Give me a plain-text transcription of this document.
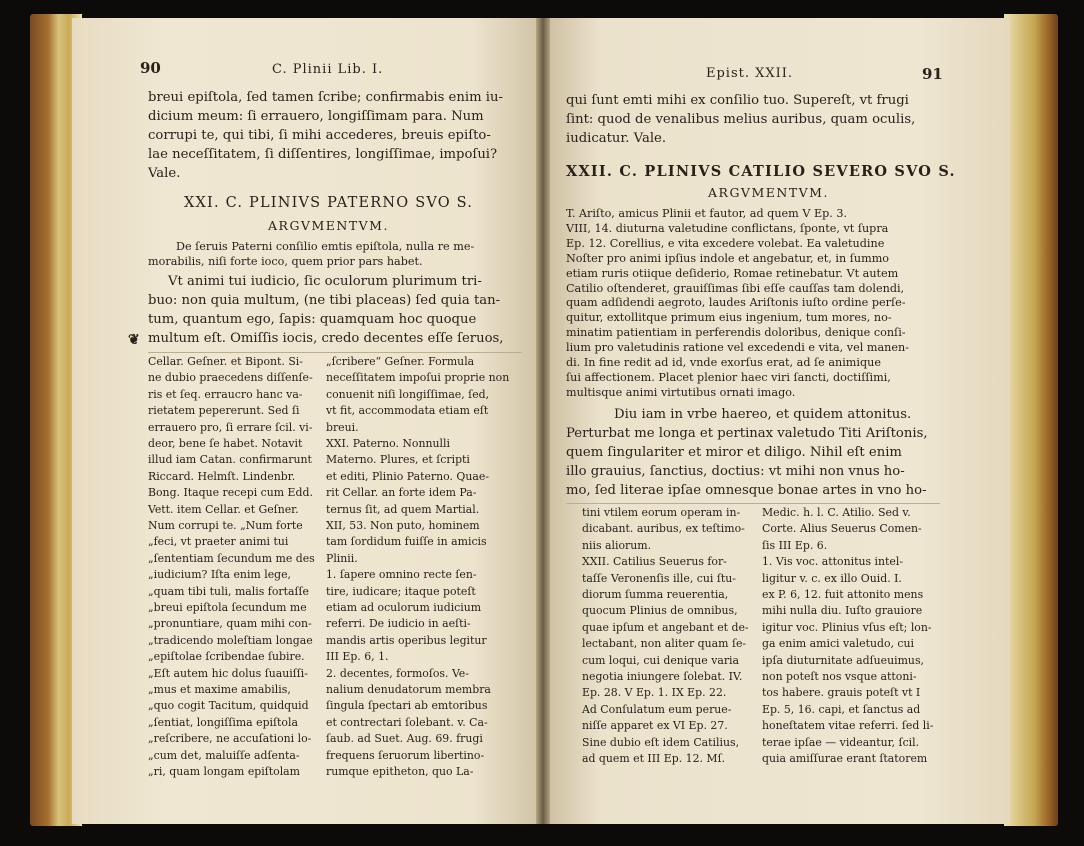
90	C. Plinii Lib. I.
breui epiſtola, ſed tamen ſcribe; confirmabis enim iu-
dicium meum: ſi errauero, longiſſimam para. Num
corrupi te, qui tibi, ſi mihi accederes, breuis epiſto-
lae neceſſitatem, ſi diſſentires, longiſſimae, impoſui?
Vale.
XXI. C. PLINIVS PATERNO SVO S.
ARGVMENTVM.
De ſeruis Paterni conſilio emtis epiſtola, nulla re me-
morabilis, niſi forte ioco, quem prior pars habet.
Vt animi tui iudicio, ſic oculorum plurimum tri-
buo: non quia multum, (ne tibi placeas) ſed quia tan-
tum, quantum ego, ſapis: quamquam hoc quoque
multum eſt. Omiſſis iocis, credo decentes eſſe ſeruos,
❦
Cellar. Geſner. et Bipont. Si-
ne dubio praecedens diſſenſe-
ris et ſeq. erraucro hanc va-
rietatem pepererunt. Sed ſi
errauero pro, ſi errare ſcil. vi-
deor, bene ſe habet. Notavit
illud iam Catan. confirmarunt
Riccard. Helmſt. Lindenbr.
Bong. Itaque recepi cum Edd.
Vett. item Cellar. et Geſner.
Num corrupi te. „Num forte
„feci, vt praeter animi tui
„ſententiam ſecundum me des
„iudicium? Iſta enim lege,
„quam tibi tuli, malis fortaſſe
„breui epiſtola ſecundum me
„pronuntiare, quam mihi con-
„tradicendo moleſtiam longae
„epiſtolae ſcribendae ſubire.
„Eſt autem hic dolus ſuauiſſi-
„mus et maxime amabilis,
„quo cogit Tacitum, quidquid
„ſentiat, longiſſima epiſtola
„reſcribere, ne accuſationi lo-
„cum det, maluiſſe adſenta-
„ri, quam longam epiſtolam
„ſcribere“ Geſner. Formula
neceſſitatem impoſui proprie non
conuenit niſi longiſſimae, ſed,
vt fit, accommodata etiam eſt
breui.
XXI. Paterno. Nonnulli
Materno. Plures, et ſcripti
et editi, Plinio Paterno. Quae-
rit Cellar. an forte idem Pa-
ternus ſit, ad quem Martial.
XII, 53. Non puto, hominem
tam ſordidum fuiſſe in amicis
Plinii.
1. ſapere omnino recte ſen-
tire, iudicare; itaque poteſt
etiam ad oculorum iudicium
referri. De iudicio in aeſti-
mandis artis operibus legitur
III Ep. 6, 1.
2. decentes, formoſos. Ve-
nalium denudatorum membra
ſingula ſpectari ab emtoribus
et contrectari ſolebant. v. Ca-
ſaub. ad Suet. Aug. 69. frugi
frequens ſeruorum libertino-
rumque epitheton, quo La-
Epist. XXII.	91
qui ſunt emti mihi ex conſilio tuo. Supereſt, vt frugi
ſint: quod de venalibus melius auribus, quam oculis,
iudicatur. Vale.
XXII. C. PLINIVS CATILIO SEVERO SVO S.
ARGVMENTVM.
T. Ariſto, amicus Plinii et fautor, ad quem V Ep. 3.
VIII, 14. diuturna valetudine conflictans, ſponte, vt ſupra
Ep. 12. Corellius, e vita excedere volebat. Ea valetudine
Noſter pro animi ipſius indole et angebatur, et, in ſummo
etiam ruris otiique deſiderio, Romae retinebatur. Vt autem
Catilio oſtenderet, grauiſſimas ſibi eſſe cauſſas tam dolendi,
quam adſidendi aegroto, laudes Ariſtonis iuſto ordine perſe-
quitur, extollitque primum eius ingenium, tum mores, no-
minatim patientiam in perferendis doloribus, denique conſi-
lium pro valetudinis ratione vel excedendi e vita, vel manen-
di. In fine redit ad id, vnde exorſus erat, ad ſe animique
ſui affectionem. Placet plenior haec viri ſancti, doctiſſimi,
multisque animi virtutibus ornati imago.
Diu iam in vrbe haereo, et quidem attonitus.
Perturbat me longa et pertinax valetudo Titi Ariſtonis,
quem ſingulariter et miror et diligo. Nihil eſt enim
illo grauius, ſanctius, doctius: vt mihi non vnus ho-
mo, ſed literae ipſae omnesque bonae artes in vno ho-
tini vtilem eorum operam in-
dicabant. auribus, ex teſtimo-
niis aliorum.
XXII. Catilius Seuerus for-
taſſe Veronenſis ille, cui ſtu-
diorum ſumma reuerentia,
quocum Plinius de omnibus,
quae ipſum et angebant et de-
lectabant, non aliter quam ſe-
cum loqui, cui denique varia
negotia iniungere ſolebat. IV.
Ep. 28. V Ep. 1. IX Ep. 22.
Ad Conſulatum eum perue-
niſſe apparet ex VI Ep. 27.
Sine dubio eſt idem Catilius,
ad quem et III Ep. 12. Mſ.
Medic. h. l. C. Atilio. Sed v.
Corte. Alius Seuerus Comen-
ſis III Ep. 6.
1. Vis voc. attonitus intel-
ligitur v. c. ex illo Ouid. I.
ex P. 6, 12. fuit attonito mens
mihi nulla diu. Iuſto grauiore
igitur voc. Plinius vſus eſt; lon-
ga enim amici valetudo, cui
ipſa diuturnitate adſueuimus,
non poteſt nos vsque attoni-
tos habere. grauis poteſt vt I
Ep. 5, 16. capi, et ſanctus ad
honeſtatem vitae referri. ſed li-
terae ipſae — videantur, ſcil.
quia amiſſurae erant ſtatorem
